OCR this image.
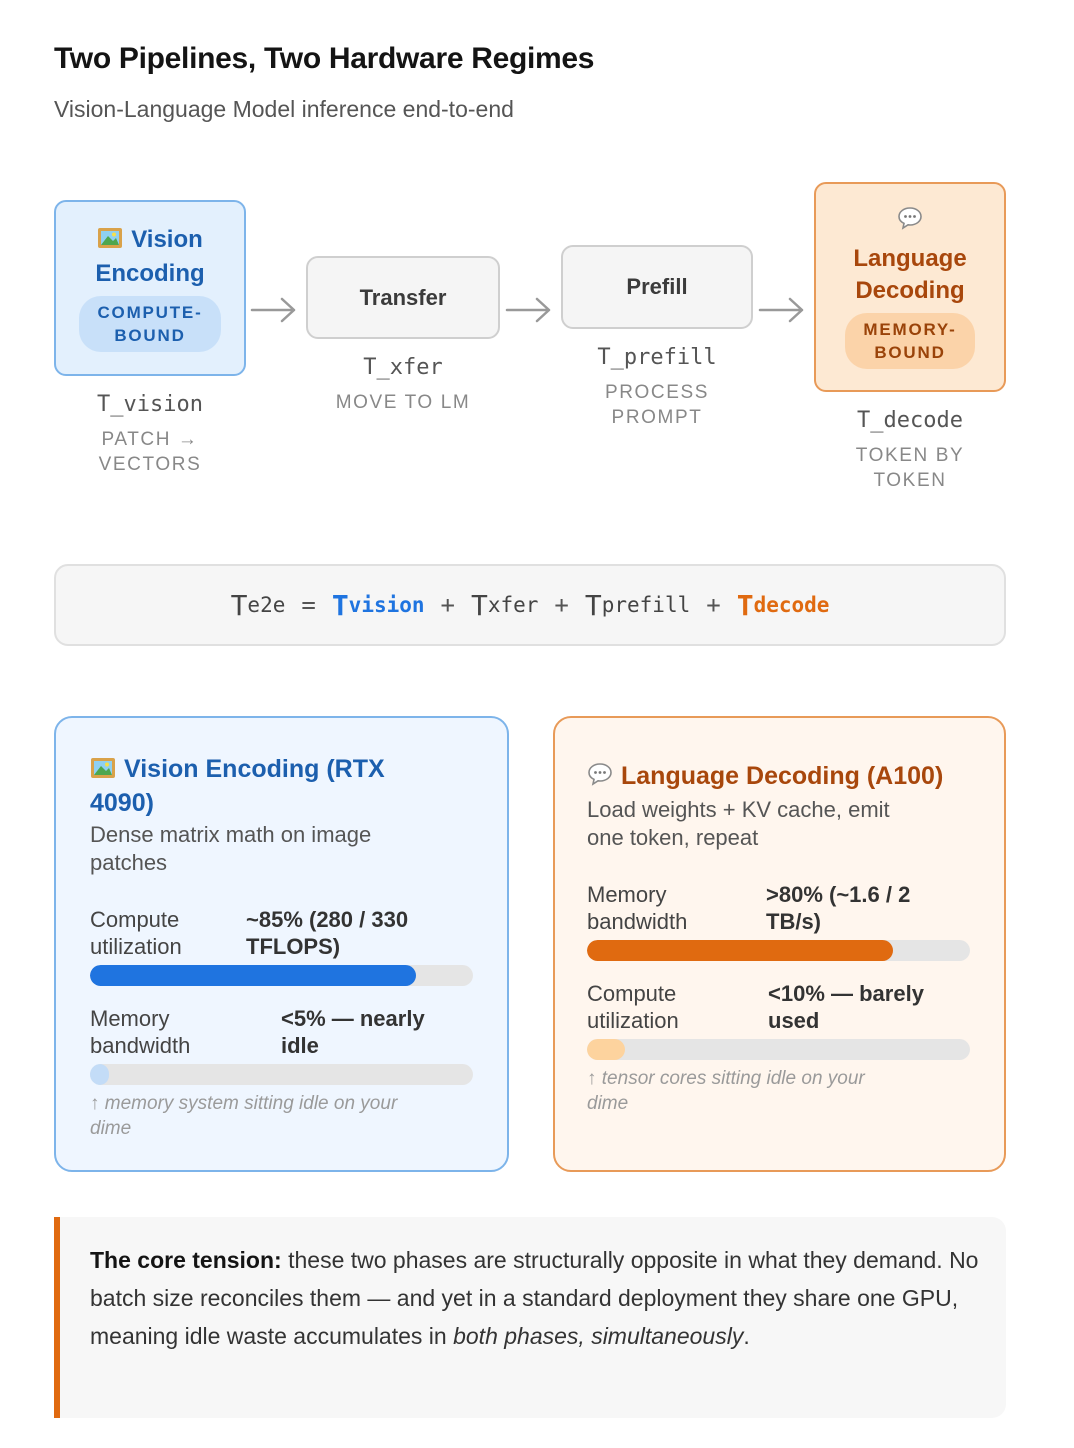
Two Pipelines, Two Hardware Regimes
Vision-Language Model inference end-to-end
Vision
Encoding
COMPUTE-
BOUND
T_vision
PATCH →
VECTORS
Transfer
T_xfer
MOVE TO LM
Prefill
T_prefill
PROCESS
PROMPT
Language
Decoding
MEMORY-
BOUND
T_decode
TOKEN BY
TOKEN
T e2e = T vision + T xfer + T prefill + T decode
Vision Encoding (RTX
4090)
Dense matrix math on image
patches
Compute
utilization
~85% (280 / 330
TFLOPS)
Memory
bandwidth
<5% — nearly
idle
↑ memory system sitting idle on your
dime
Language Decoding (A100)
Load weights + KV cache, emit
one token, repeat
Memory
bandwidth
>80% (~1.6 / 2
TB/s)
Compute
utilization
<10% — barely
used
↑ tensor cores sitting idle on your
dime
The core tension: these two phases are structurally opposite in what they demand. No batch size reconciles them — and yet in a standard deployment they share one GPU, meaning idle waste accumulates in both phases, simultaneously.
